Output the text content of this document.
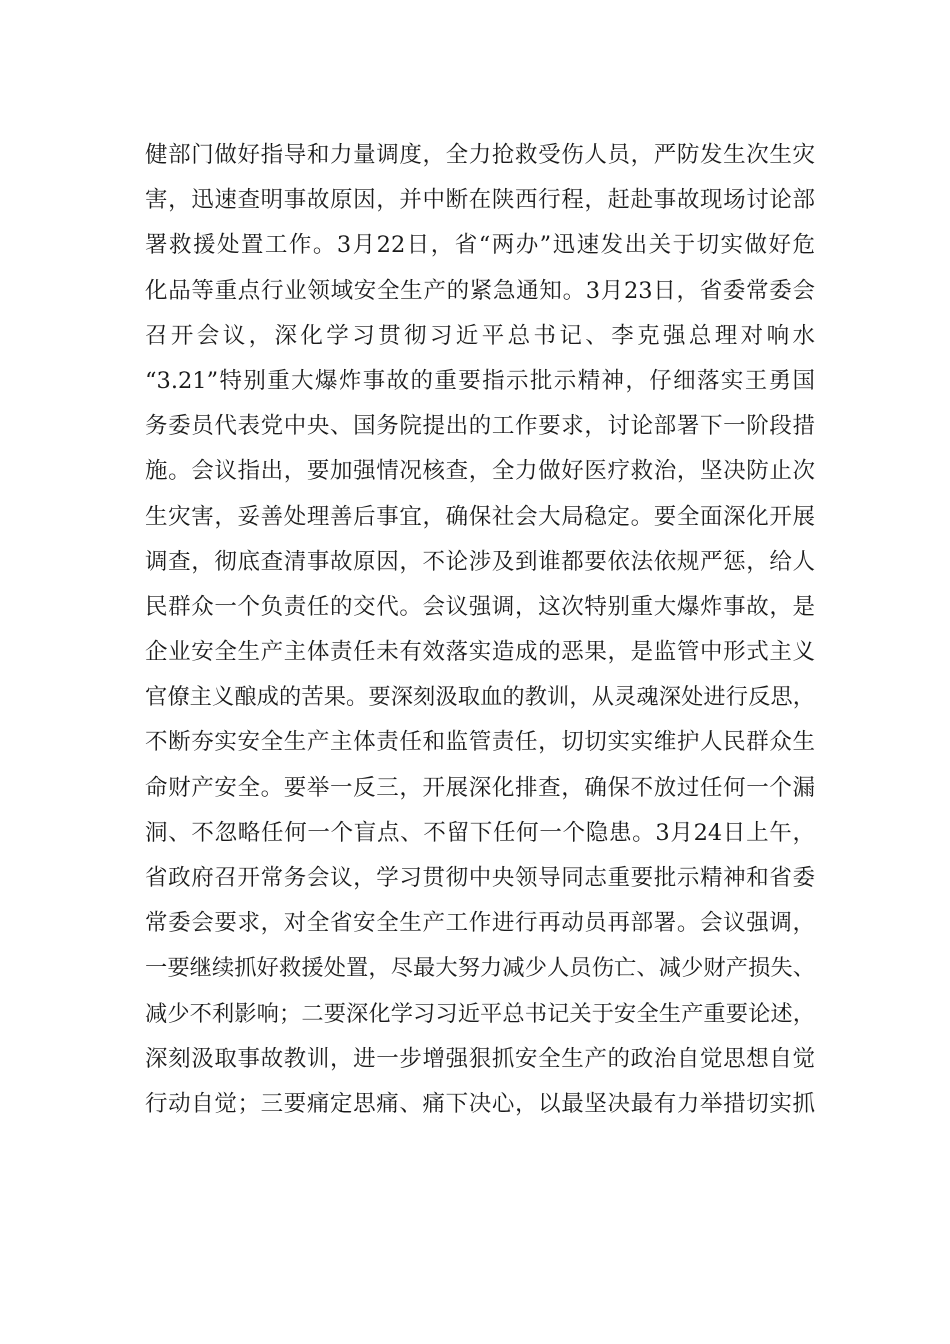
健部门做好指导和力量调度，全力抢救受伤人员，严防发生次生灾
害，迅速查明事故原因，并中断在陕西行程，赶赴事故现场讨论部
署救援处置工作。3月22日，省“两办”迅速发出关于切实做好危
化品等重点行业领域安全生产的紧急通知。3月23日，省委常委会
召开会议，深化学习贯彻习近平总书记、李克强总理对响水
“3.21”特别重大爆炸事故的重要指示批示精神，仔细落实王勇国
务委员代表党中央、国务院提出的工作要求，讨论部署下一阶段措
施。会议指出，要加强情况核查，全力做好医疗救治，坚决防止次
生灾害，妥善处理善后事宜，确保社会大局稳定。要全面深化开展
调查，彻底查清事故原因，不论涉及到谁都要依法依规严惩，给人
民群众一个负责任的交代。会议强调，这次特别重大爆炸事故，是
企业安全生产主体责任未有效落实造成的恶果，是监管中形式主义
官僚主义酿成的苦果。要深刻汲取血的教训，从灵魂深处进行反思，
不断夯实安全生产主体责任和监管责任，切切实实维护人民群众生
命财产安全。要举一反三，开展深化排查，确保不放过任何一个漏
洞、不忽略任何一个盲点、不留下任何一个隐患。3月24日上午，
省政府召开常务会议，学习贯彻中央领导同志重要批示精神和省委
常委会要求，对全省安全生产工作进行再动员再部署。会议强调，
一要继续抓好救援处置，尽最大努力减少人员伤亡、减少财产损失、
减少不利影响；二要深化学习习近平总书记关于安全生产重要论述，
深刻汲取事故教训，进一步增强狠抓安全生产的政治自觉思想自觉
行动自觉；三要痛定思痛、痛下决心，以最坚决最有力举措切实抓
